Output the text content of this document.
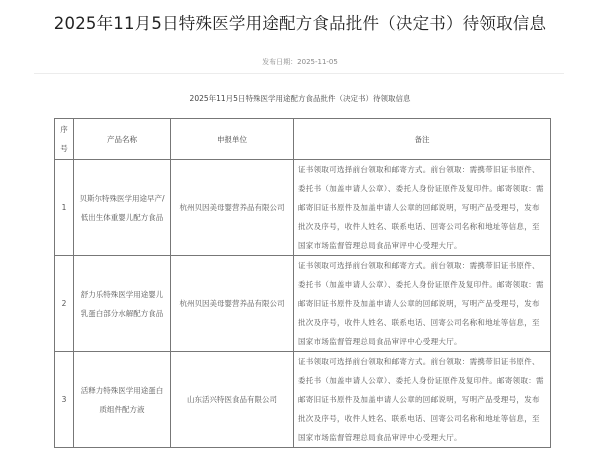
2025年11月5日特殊医学用途配方食品批件（决定书）待领取信息
发布日期：2025-11-05
2025年11月5日特殊医学用途配方食品批件（决定书）待领取信息
序号	产品名称	申报单位	备注
1	贝斯尔特殊医学用途早产/低出生体重婴儿配方食品	杭州贝因美母婴营养品有限公司	证书领取可选择前台领取和邮寄方式。前台领取：需携带旧证书原件、委托书（加盖申请人公章）、委托人身份证原件及复印件。邮寄领取：需邮寄旧证书原件及加盖申请人公章的回邮说明，写明产品受理号，发布批次及序号，收件人姓名、联系电话、回寄公司名称和地址等信息，至国家市场监督管理总局食品审评中心受理大厅。
2	舒力乐特殊医学用途婴儿乳蛋白部分水解配方食品	杭州贝因美母婴营养品有限公司	证书领取可选择前台领取和邮寄方式。前台领取：需携带旧证书原件、委托书（加盖申请人公章）、委托人身份证原件及复印件。邮寄领取：需邮寄旧证书原件及加盖申请人公章的回邮说明，写明产品受理号，发布批次及序号，收件人姓名、联系电话、回寄公司名称和地址等信息，至国家市场监督管理总局食品审评中心受理大厅。
3	活释力特殊医学用途蛋白质组件配方液	山东活兴特医食品有限公司	证书领取可选择前台领取和邮寄方式。前台领取：需携带旧证书原件、委托书（加盖申请人公章）、委托人身份证原件及复印件。邮寄领取：需邮寄旧证书原件及加盖申请人公章的回邮说明，写明产品受理号，发布批次及序号，收件人姓名、联系电话、回寄公司名称和地址等信息，至国家市场监督管理总局食品审评中心受理大厅。
